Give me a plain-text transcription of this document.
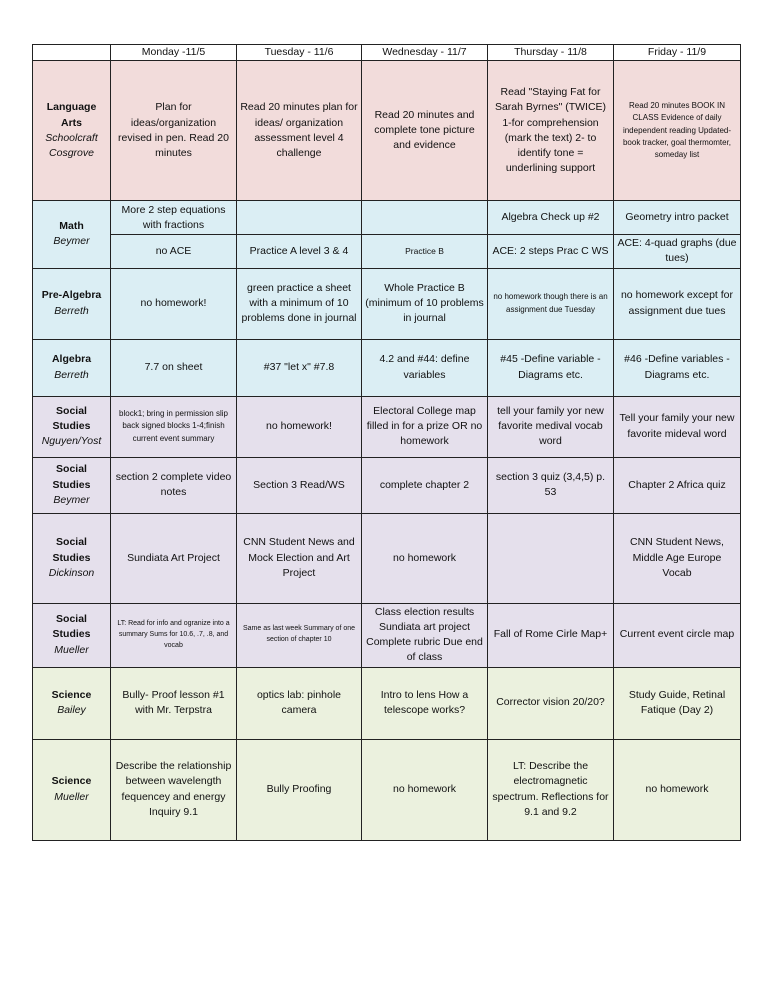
	Monday -11/5	Tuesday - 11/6	Wednesday - 11/7	Thursday - 11/8	Friday - 11/9

Language Arts
Schoolcraft
Cosgrove	Plan for ideas/organization revised in pen. Read 20 minutes	Read 20 minutes plan for ideas/ organization assessment level 4 challenge	Read 20 minutes and complete tone picture and evidence	Read "Staying Fat for Sarah Byrnes" (TWICE) 1-for comprehension (mark the text) 2- to identify tone = underlining support	Read 20 minutes BOOK IN CLASS Evidence of daily independent reading Updated- book tracker, goal thermomter, someday list

Math
Beymer	More 2 step equations with fractions			Algebra Check up #2	Geometry intro packet
	no ACE	Practice A level 3 & 4	Practice B	ACE: 2 steps Prac C WS	ACE: 4-quad graphs (due tues)

Pre-Algebra
Berreth	no homework!	green practice a sheet with a minimum of 10 problems done in journal	Whole Practice B (minimum of 10 problems in journal	no homework though there is an assignment due Tuesday	no homework except for assignment due tues

Algebra
Berreth	7.7 on sheet	#37 "let x" #7.8	4.2 and #44: define variables	#45 -Define variable - Diagrams etc.	#46 -Define variables - Diagrams etc.

Social Studies
Nguyen/Yost	block1; bring in permission slip back signed blocks 1-4;finish current event summary	no homework!	Electoral College map filled in for a prize OR no homework	tell your family yor new favorite medival vocab word	Tell your family your new favorite mideval word

Social Studies
Beymer	section 2 complete video notes	Section 3 Read/WS	complete chapter 2	section 3 quiz (3,4,5) p. 53	Chapter 2 Africa quiz

Social Studies
Dickinson	Sundiata Art Project	CNN Student News and Mock Election and Art Project	no homework		CNN Student News, Middle Age Europe Vocab

Social Studies
Mueller	LT: Read for info and ogranize into a summary Sums for 10.6, .7, .8, and vocab	Same as last week Summary of one section of chapter 10	Class election results Sundiata art project Complete rubric Due end of class	Fall of Rome Cirle Map+	Current event circle map

Science
Bailey	Bully- Proof lesson #1 with Mr. Terpstra	optics lab: pinhole camera	Intro to lens How a telescope works?	Corrector vision 20/20?	Study Guide, Retinal Fatique (Day 2)

Science
Mueller	Describe the relationship between wavelength fequencey and energy Inquiry 9.1	Bully Proofing	no homework	LT: Describe the electromagnetic spectrum. Reflections for 9.1 and 9.2	no homework
